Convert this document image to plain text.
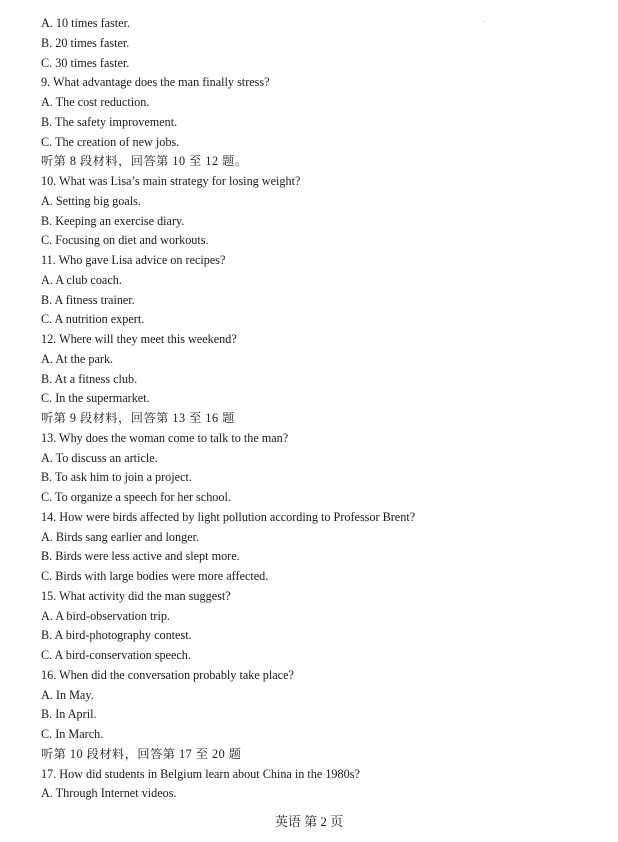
A. 10 times faster.
B. 20 times faster.
C. 30 times faster.
9. What advantage does the man finally stress?
A. The cost reduction.
B. The safety improvement.
C. The creation of new jobs.
听第 8 段材料，回答第 10 至 12 题。
10. What was Lisa’s main strategy for losing weight?
A. Setting big goals.
B. Keeping an exercise diary.
C. Focusing on diet and workouts.
11. Who gave Lisa advice on recipes?
A. A club coach.
B. A fitness trainer.
C. A nutrition expert.
12. Where will they meet this weekend?
A. At the park.
B. At a fitness club.
C. In the supermarket.
听第 9 段材料，回答第 13 至 16 题
13. Why does the woman come to talk to the man?
A. To discuss an article.
B. To ask him to join a project.
C. To organize a speech for her school.
14. How were birds affected by light pollution according to Professor Brent?
A. Birds sang earlier and longer.
B. Birds were less active and slept more.
C. Birds with large bodies were more affected.
15. What activity did the man suggest?
A. A bird-observation trip.
B. A bird-photography contest.
C. A bird-conservation speech.
16. When did the conversation probably take place?
A. In May.
B. In April.
C. In March.
听第 10 段材料，回答第 17 至 20 题
17. How did students in Belgium learn about China in the 1980s?
A. Through Internet videos.
英语 第 2 页
